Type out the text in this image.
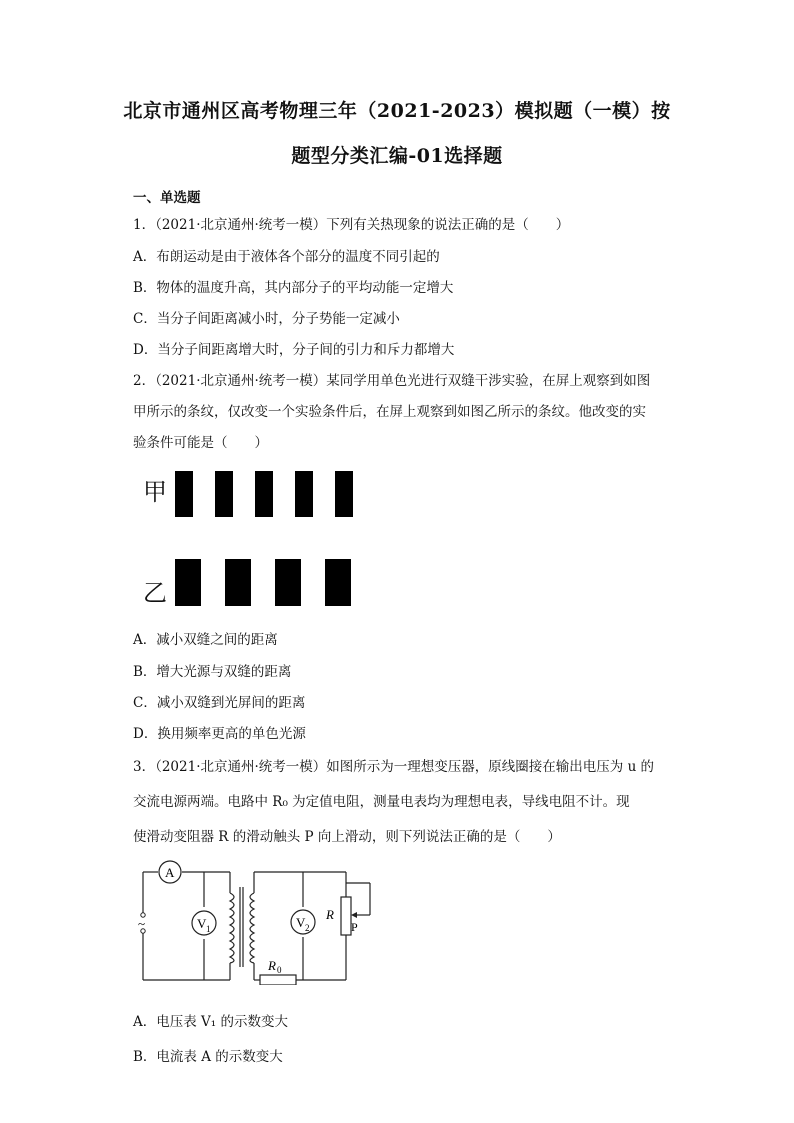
北京市通州区高考物理三年（2021-2023）模拟题（一模）按
题型分类汇编-01选择题
一、单选题
1．（2021·北京通州·统考一模）下列有关热现象的说法正确的是（　　）
A．布朗运动是由于液体各个部分的温度不同引起的
B．物体的温度升高，其内部分子的平均动能一定增大
C．当分子间距离减小时，分子势能一定减小
D．当分子间距离增大时，分子间的引力和斥力都增大
2．（2021·北京通州·统考一模）某同学用单色光进行双缝干涉实验，在屏上观察到如图
甲所示的条纹，仅改变一个实验条件后，在屏上观察到如图乙所示的条纹。他改变的实
验条件可能是（　　）
甲
乙
A．减小双缝之间的距离
B．增大光源与双缝的距离
C．减小双缝到光屏间的距离
D．换用频率更高的单色光源
3．（2021·北京通州·统考一模）如图所示为一理想变压器，原线圈接在输出电压为 u 的
交流电源两端。电路中 R₀ 为定值电阻，测量电表均为理想电表，导线电阻不计。现
使滑动变阻器 R 的滑动触头 P 向上滑动，则下列说法正确的是（　　）
~
A
V 1	V 2
R 0
R
P
A．电压表 V₁ 的示数变大
B．电流表 A 的示数变大
